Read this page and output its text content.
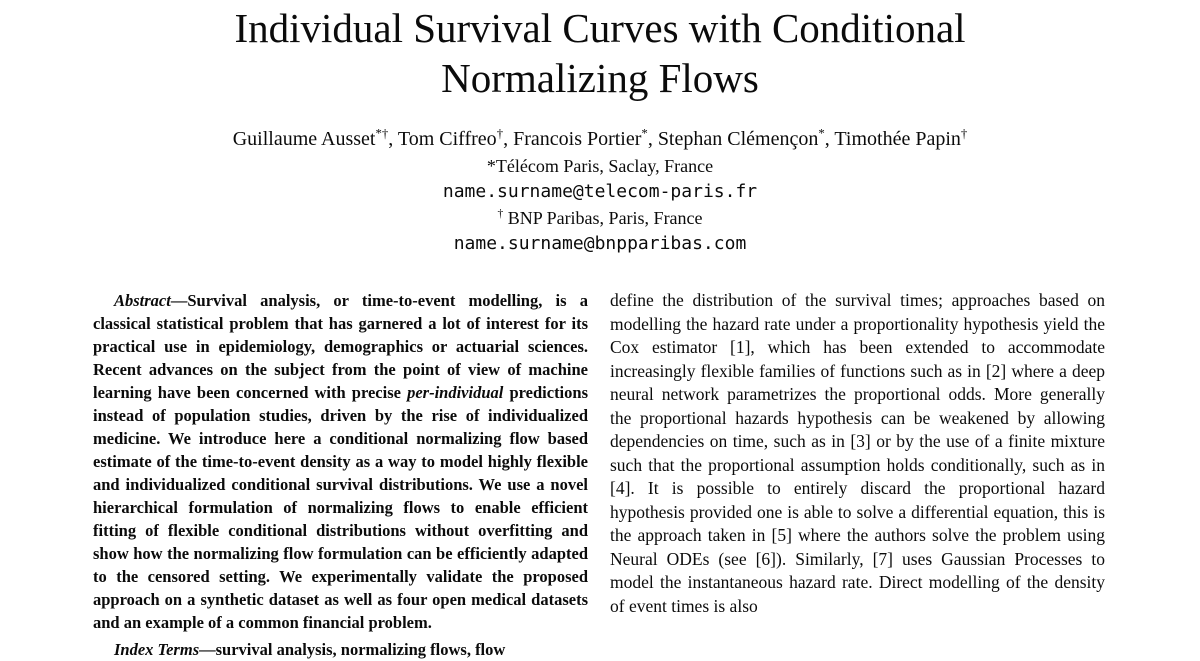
Individual Survival Curves with Conditional
Normalizing Flows
Guillaume Ausset*†, Tom Ciffreo†, Francois Portier*, Stephan Clémençon*, Timothée Papin†
*Télécom Paris, Saclay, France
name.surname@telecom-paris.fr
† BNP Paribas, Paris, France
name.surname@bnpparibas.com

Abstract—Survival analysis, or time-to-event modelling, is a classical statistical problem that has garnered a lot of interest for its practical use in epidemiology, demographics or actuarial sciences. Recent advances on the subject from the point of view of machine learning have been concerned with precise per-individual predictions instead of population studies, driven by the rise of individualized medicine. We introduce here a conditional normalizing flow based estimate of the time-to-event density as a way to model highly flexible and individualized conditional survival distributions. We use a novel hierarchical formulation of normalizing flows to enable efficient fitting of flexible conditional distributions without overfitting and show how the normalizing flow formulation can be efficiently adapted to the censored setting. We experimentally validate the proposed approach on a synthetic dataset as well as four open medical datasets and an example of a common financial problem.

Index Terms—survival analysis, normalizing flows, flow

define the distribution of the survival times; approaches based on modelling the hazard rate under a proportionality hypothesis yield the Cox estimator [1], which has been extended to accommodate increasingly flexible families of functions such as in [2] where a deep neural network parametrizes the proportional odds. More generally the proportional hazards hypothesis can be weakened by allowing dependencies on time, such as in [3] or by the use of a finite mixture such that the proportional assumption holds conditionally, such as in [4]. It is possible to entirely discard the proportional hazard hypothesis provided one is able to solve a differential equation, this is the approach taken in [5] where the authors solve the problem using Neural ODEs (see [6]). Similarly, [7] uses Gaussian Processes to model the instantaneous hazard rate. Direct modelling of the density of event times is also
